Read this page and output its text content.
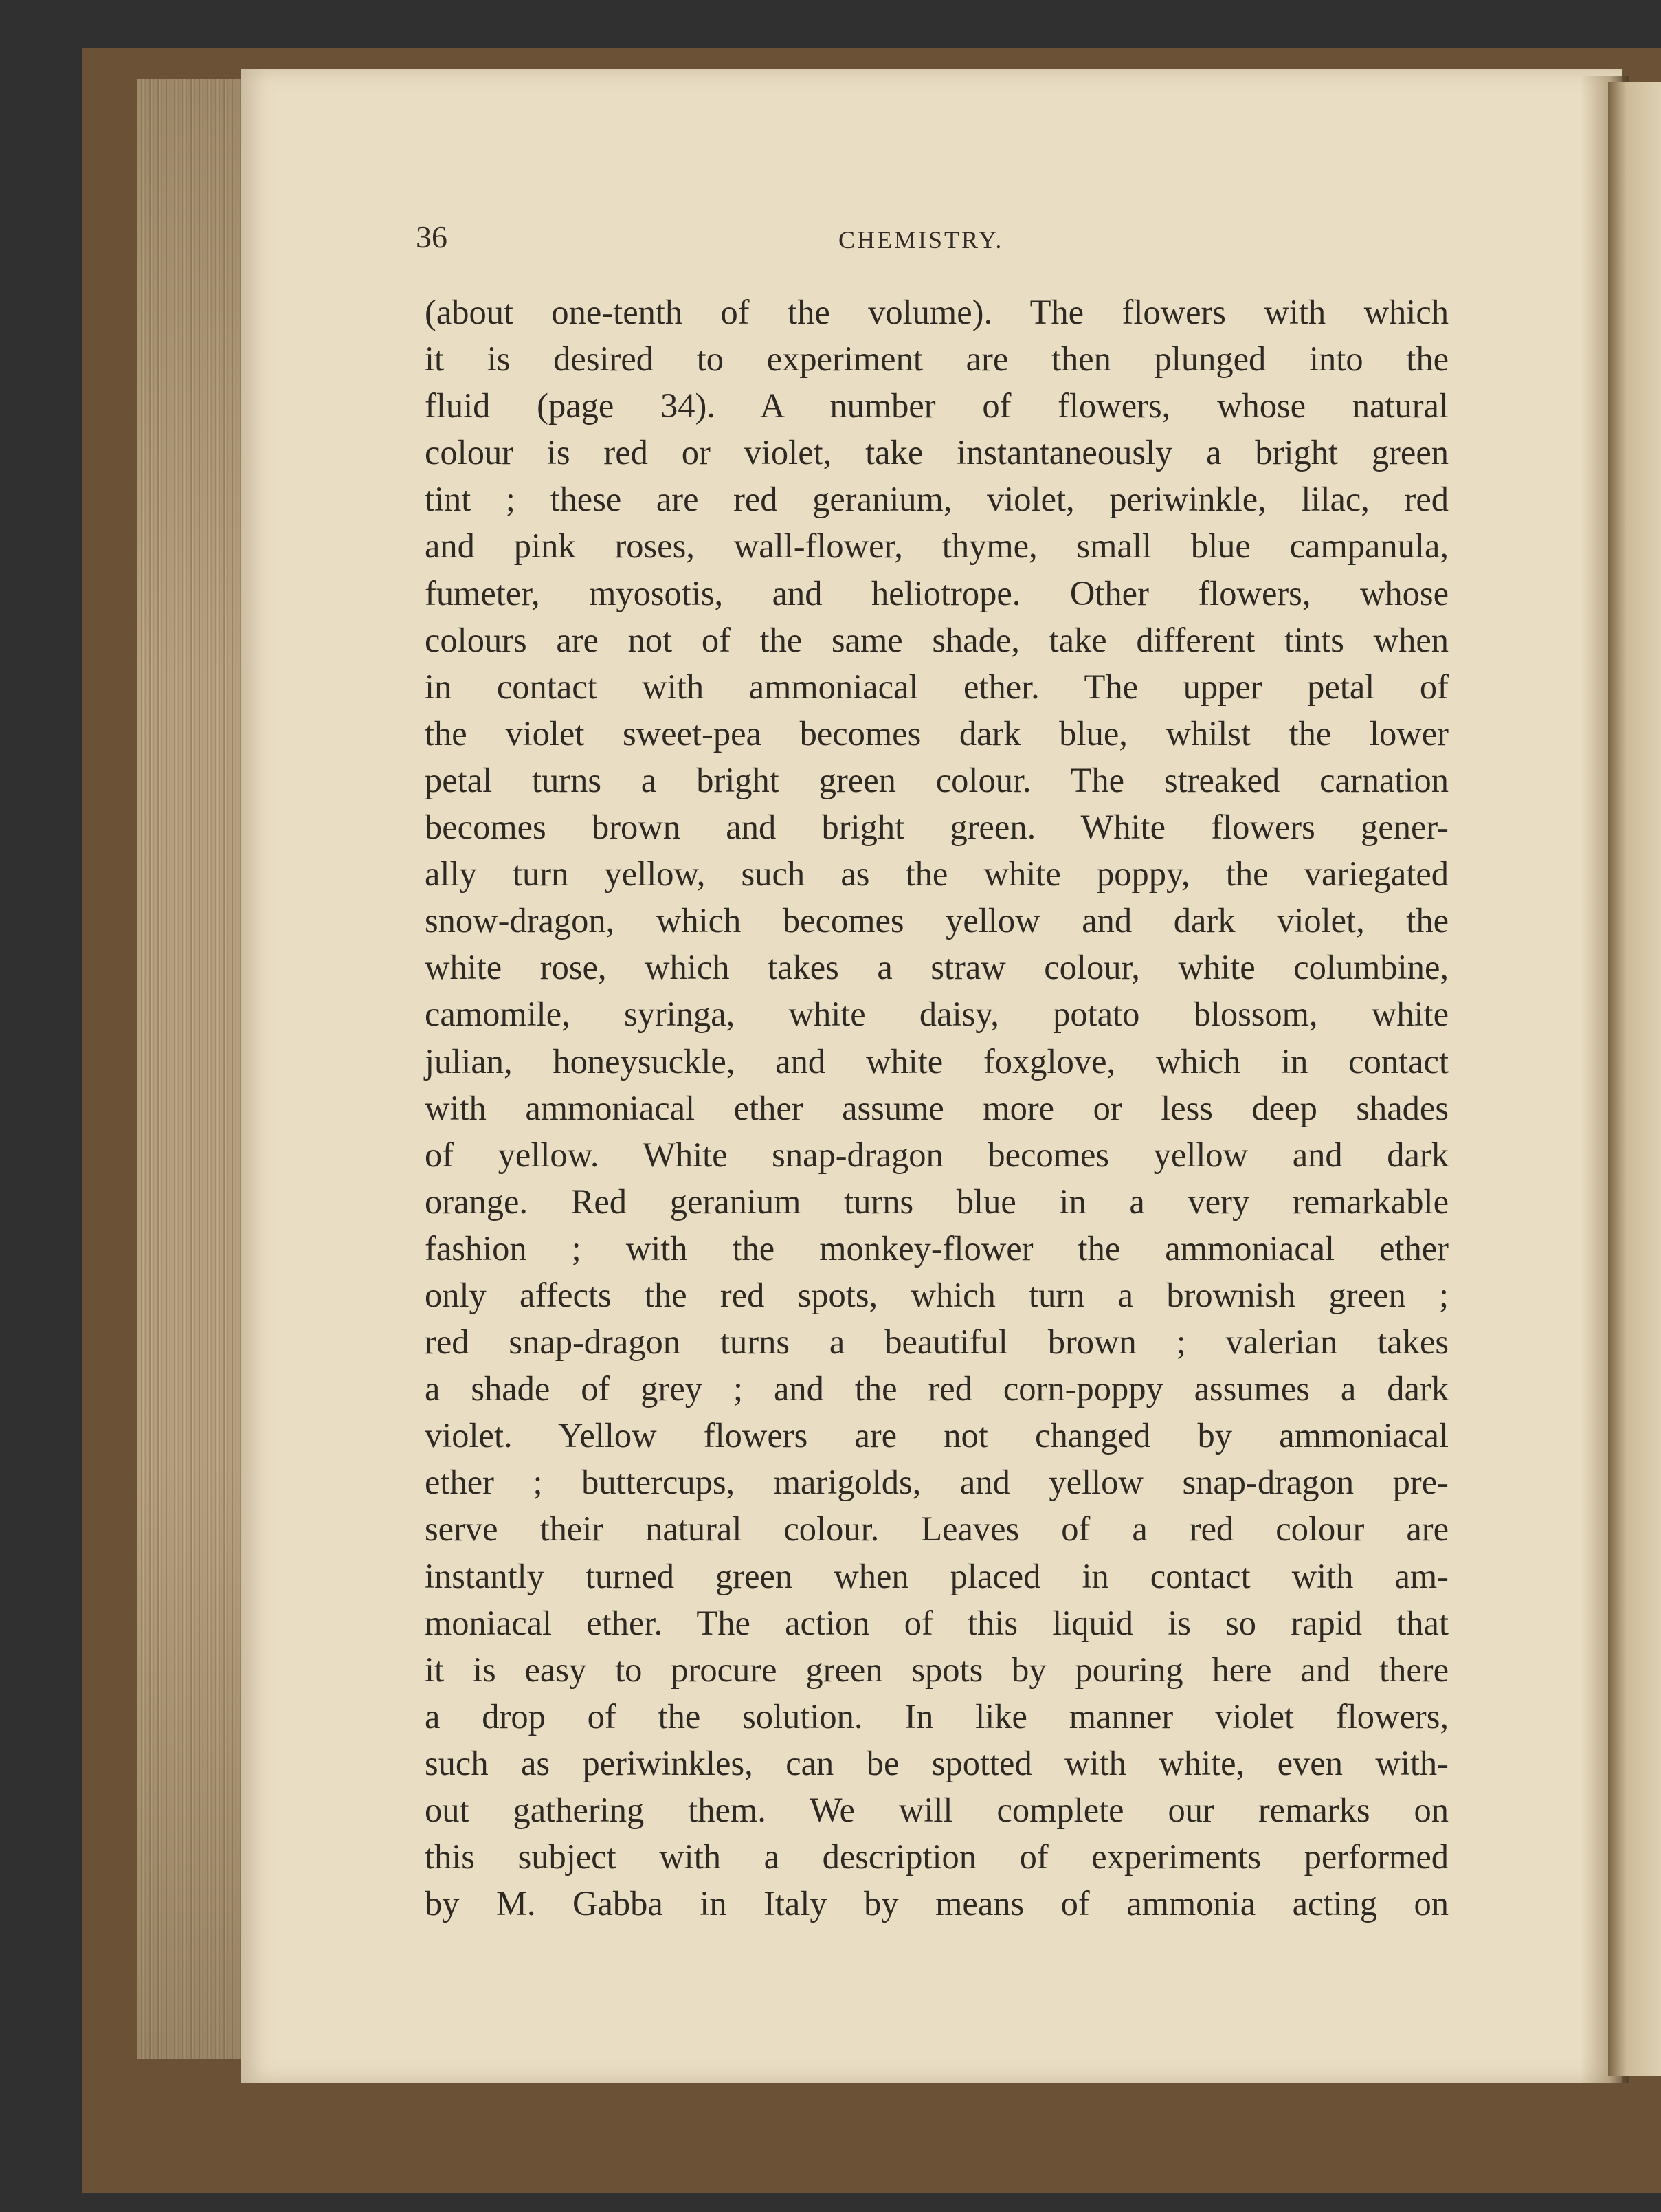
36	CHEMISTRY.
(about one-tenth of the volume). The flowers with which
it is desired to experiment are then plunged into the
fluid (page 34). A number of flowers, whose natural
colour is red or violet, take instantaneously a bright green
tint ; these are red geranium, violet, periwinkle, lilac, red
and pink roses, wall-flower, thyme, small blue campanula,
fumeter, myosotis, and heliotrope. Other flowers, whose
colours are not of the same shade, take different tints when
in contact with ammoniacal ether. The upper petal of
the violet sweet-pea becomes dark blue, whilst the lower
petal turns a bright green colour. The streaked carnation
becomes brown and bright green. White flowers gener-
ally turn yellow, such as the white poppy, the variegated
snow-dragon, which becomes yellow and dark violet, the
white rose, which takes a straw colour, white columbine,
camomile, syringa, white daisy, potato blossom, white
julian, honeysuckle, and white foxglove, which in contact
with ammoniacal ether assume more or less deep shades
of yellow. White snap-dragon becomes yellow and dark
orange. Red geranium turns blue in a very remarkable
fashion ; with the monkey-flower the ammoniacal ether
only affects the red spots, which turn a brownish green ;
red snap-dragon turns a beautiful brown ; valerian takes
a shade of grey ; and the red corn-poppy assumes a dark
violet. Yellow flowers are not changed by ammoniacal
ether ; buttercups, marigolds, and yellow snap-dragon pre-
serve their natural colour. Leaves of a red colour are
instantly turned green when placed in contact with am-
moniacal ether. The action of this liquid is so rapid that
it is easy to procure green spots by pouring here and there
a drop of the solution. In like manner violet flowers,
such as periwinkles, can be spotted with white, even with-
out gathering them. We will complete our remarks on
this subject with a description of experiments performed
by M. Gabba in Italy by means of ammonia acting on
